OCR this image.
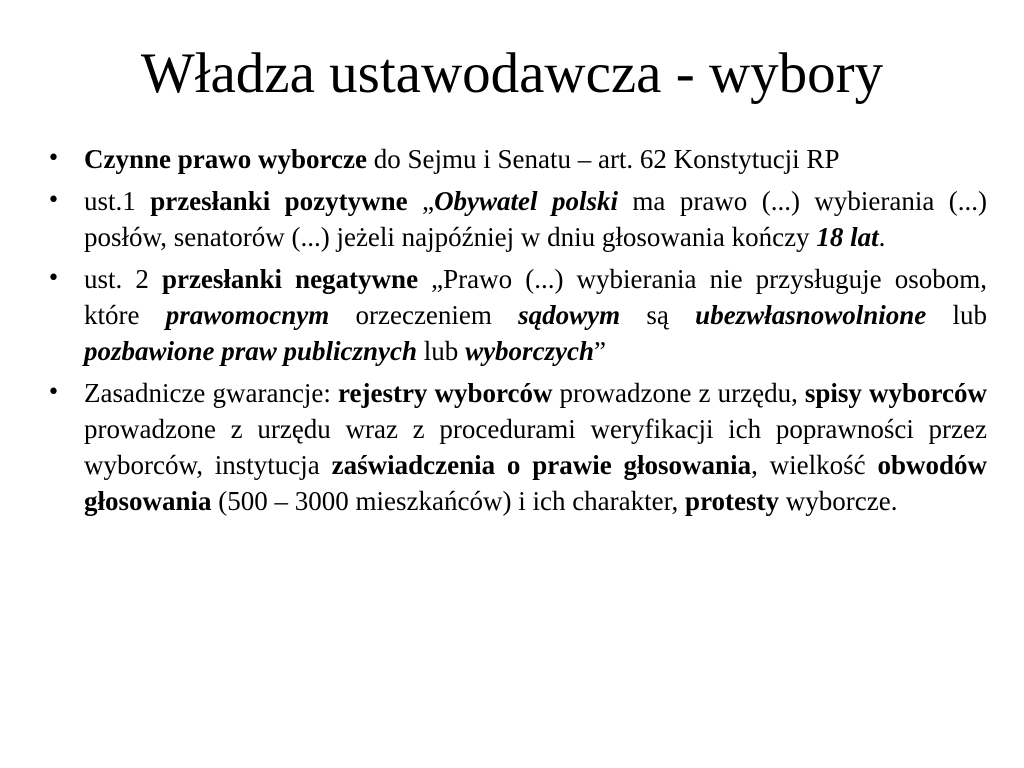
Władza ustawodawcza - wybory
• Czynne prawo wyborcze do Sejmu i Senatu – art. 62 Konstytucji RP
• ust.1 przesłanki pozytywne „Obywatel polski ma prawo (...) wybierania (...) posłów, senatorów (...) jeżeli najpóźniej w dniu głosowania kończy 18 lat.
• ust. 2 przesłanki negatywne „Prawo (...) wybierania nie przysługuje osobom, które prawomocnym orzeczeniem sądowym są ubezwłasnowolnione lub pozbawione praw publicznych lub wyborczych”
• Zasadnicze gwarancje: rejestry wyborców prowadzone z urzędu, spisy wyborców prowadzone z urzędu wraz z procedurami weryfikacji ich poprawności przez wyborców, instytucja zaświadczenia o prawie głosowania, wielkość obwodów głosowania (500 – 3000 mieszkańców) i ich charakter, protesty wyborcze.
